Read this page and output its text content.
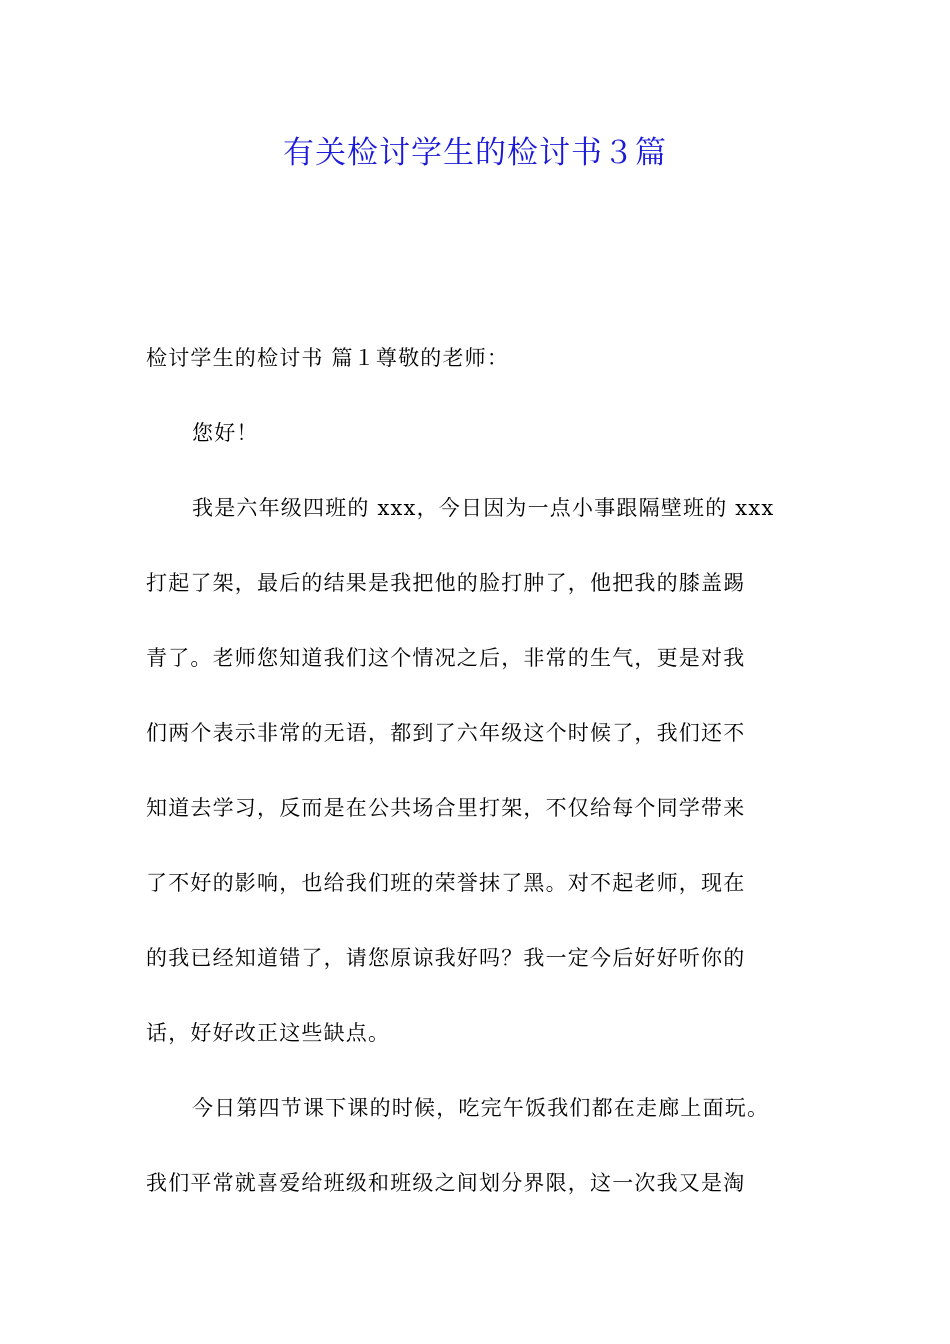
有关检讨学生的检讨书３篇
检讨学生的检讨书 篇１尊敬的老师：
您好！
我是六年级四班的 xxx，今日因为一点小事跟隔壁班的 xxx
打起了架，最后的结果是我把他的脸打肿了，他把我的膝盖踢
青了。老师您知道我们这个情况之后，非常的生气，更是对我
们两个表示非常的无语，都到了六年级这个时候了，我们还不
知道去学习，反而是在公共场合里打架，不仅给每个同学带来
了不好的影响，也给我们班的荣誉抹了黑。对不起老师，现在
的我已经知道错了，请您原谅我好吗？我一定今后好好听你的
话，好好改正这些缺点。
今日第四节课下课的时候，吃完午饭我们都在走廊上面玩。
我们平常就喜爱给班级和班级之间划分界限，这一次我又是淘
